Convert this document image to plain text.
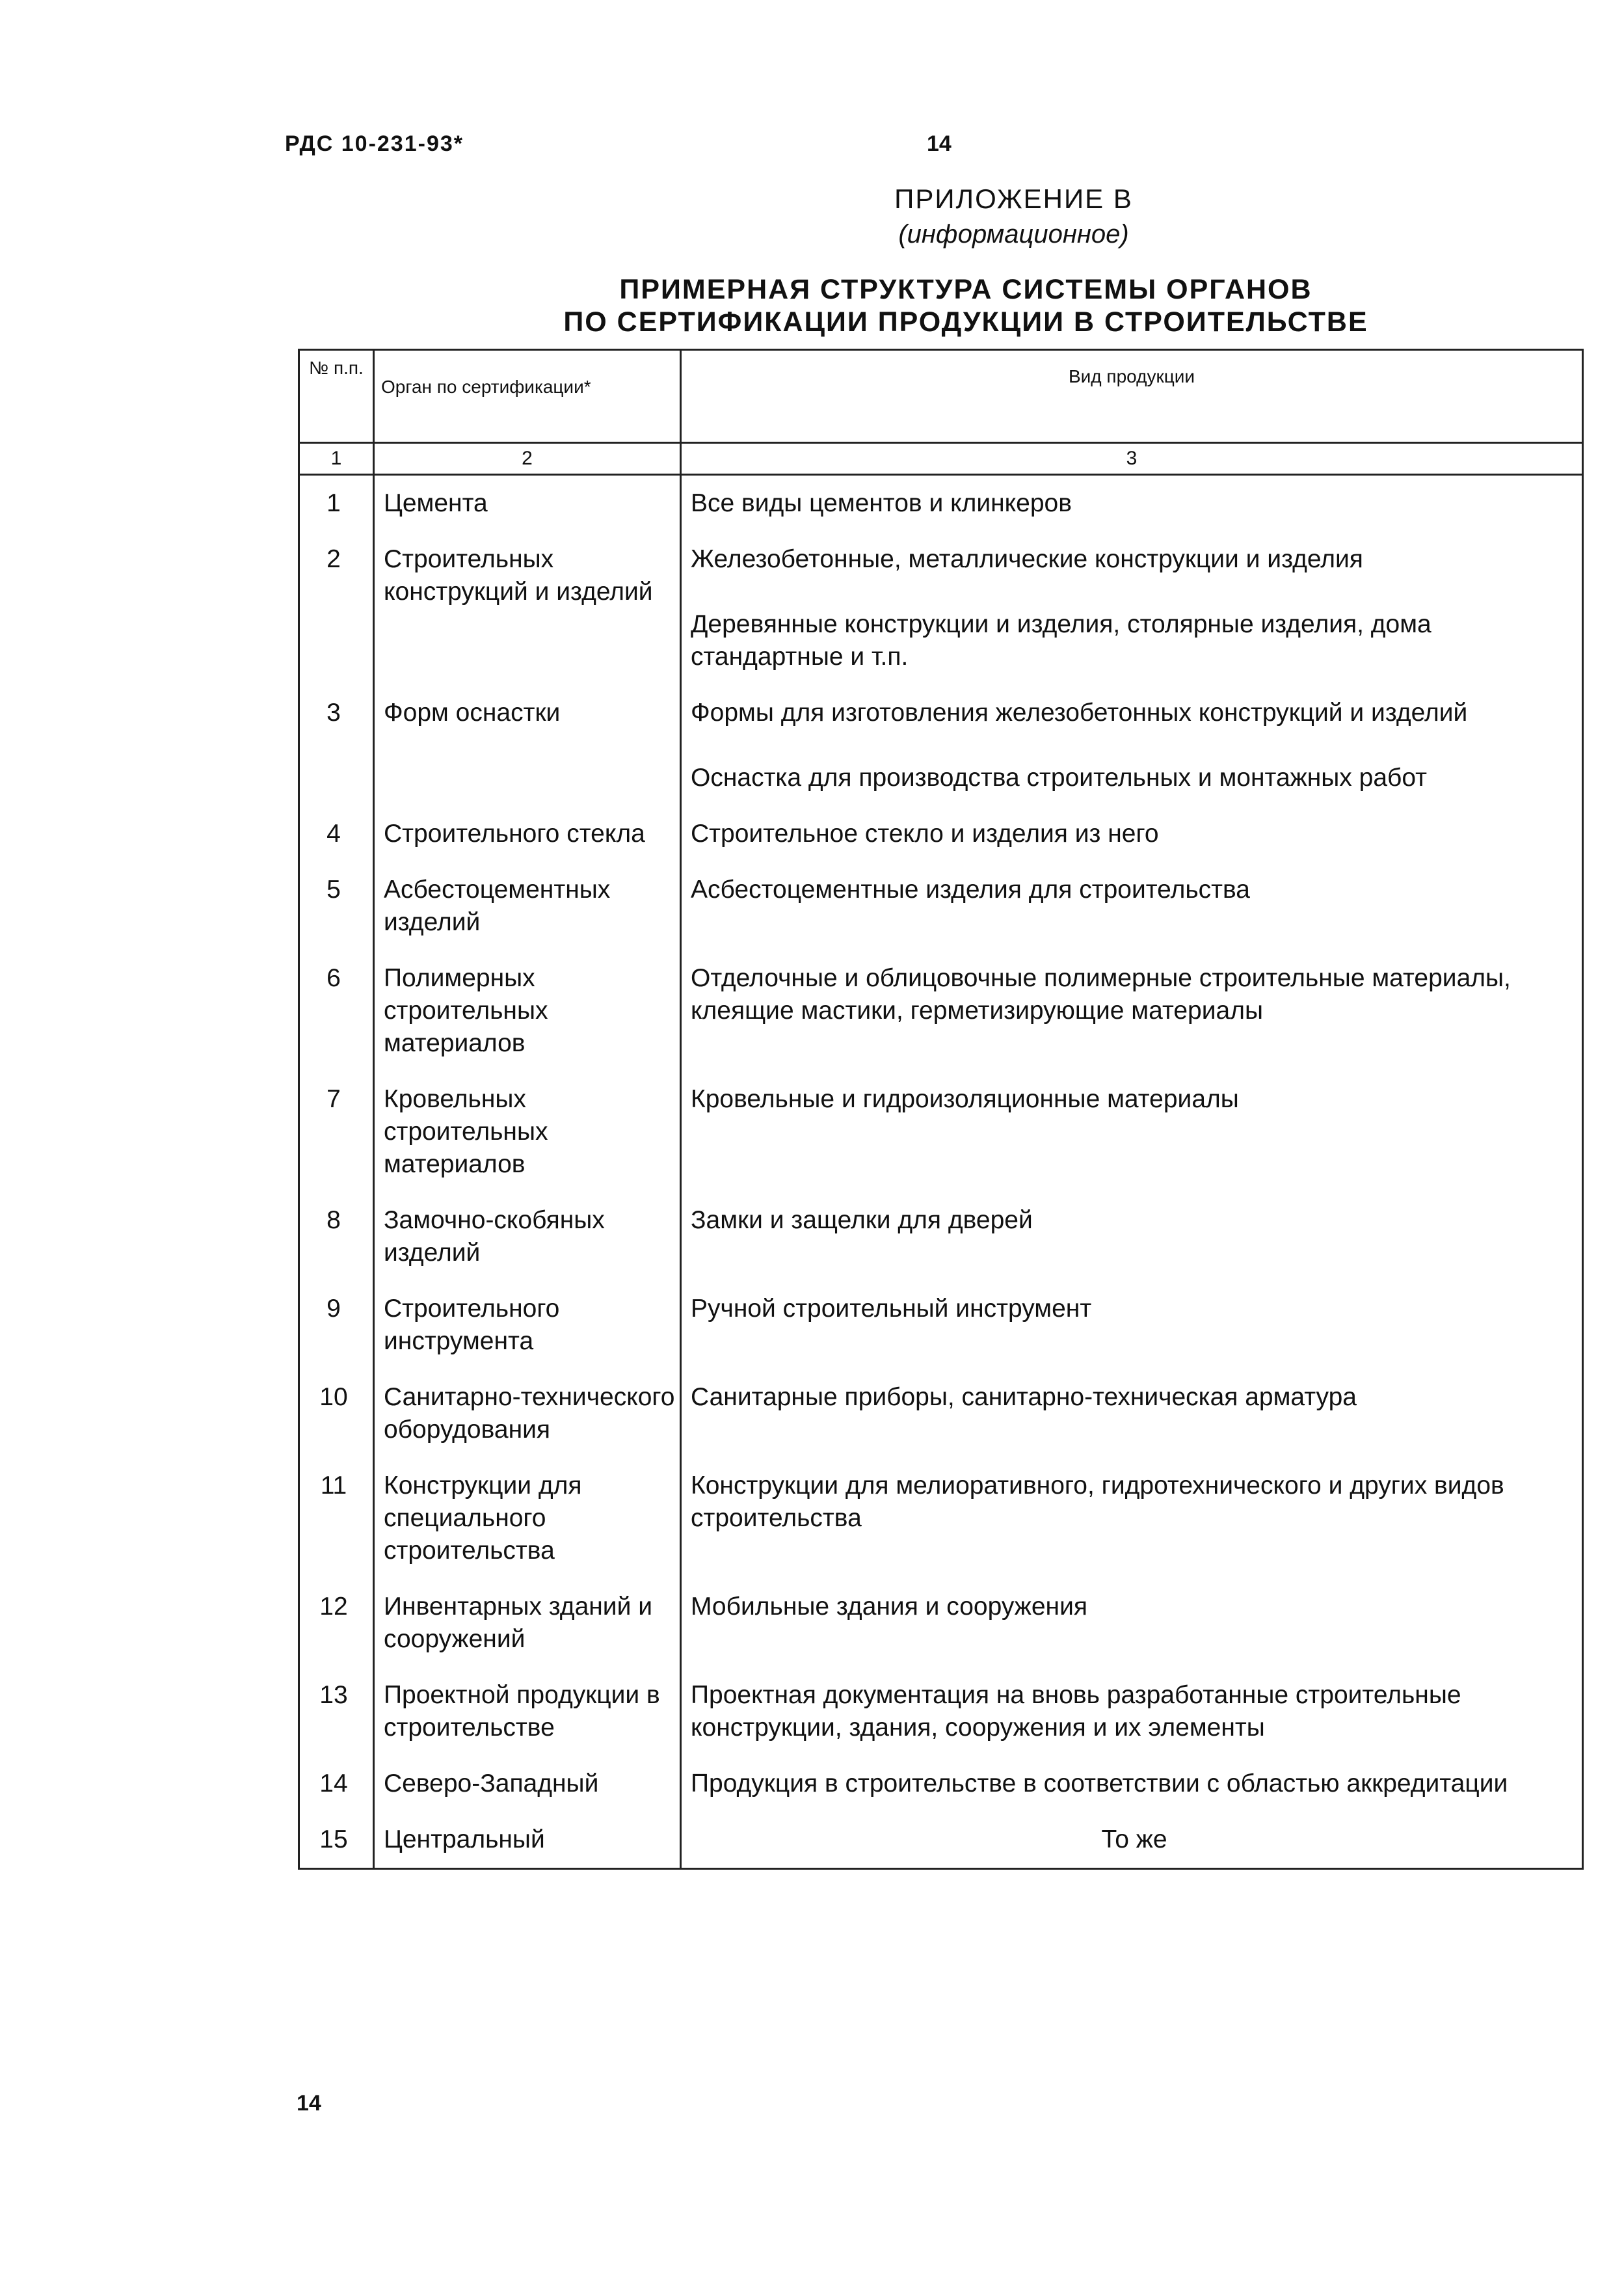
РДС 10-231-93*	14
ПРИЛОЖЕНИЕ В
(информационное)
ПРИМЕРНАЯ СТРУКТУРА СИСТЕМЫ ОРГАНОВ
ПО СЕРТИФИКАЦИИ ПРОДУКЦИИ В СТРОИТЕЛЬСТВЕ
№ п.п.	Орган по сертификации*	Вид продукции
1	2	3
1	Цемента	Все виды цементов и клинкеров

2	Строительных конструкций и изделий	Железобетонные, металлические конструкции и изделия
Деревянные конструкции и изделия, столярные изделия, дома стандартные и т.п.

3	Форм оснастки	Формы для изготовления железобетонных конструкций и изделий
Оснастка для производства строительных и монтажных работ

4	Строительного стекла	Строительное стекло и изделия из него

5	Асбестоцементных изделий	Асбестоцементные изделия для строительства

6	Полимерных строительных материалов	Отделочные и облицовочные полимерные строительные материалы, клеящие мастики, герметизирующие материалы

7	Кровельных строительных материалов	Кровельные и гидроизоляционные материалы

8	Замочно-скобяных изделий	Замки и защелки для дверей

9	Строительного инструмента	Ручной строительный инструмент

10	Санитарно-технического оборудования	Санитарные приборы, санитарно-техническая арматура

11	Конструкции для специального строительства	Конструкции для мелиоративного, гидротехнического и других видов строительства

12	Инвентарных зданий и сооружений	Мобильные здания и сооружения

13	Проектной продукции в строительстве	Проектная документация на вновь разработанные строительные конструкции, здания, сооружения и их элементы

14	Северо-Западный	Продукция в строительстве в соответствии с областью аккредитации

15	Центральный	То же
14
